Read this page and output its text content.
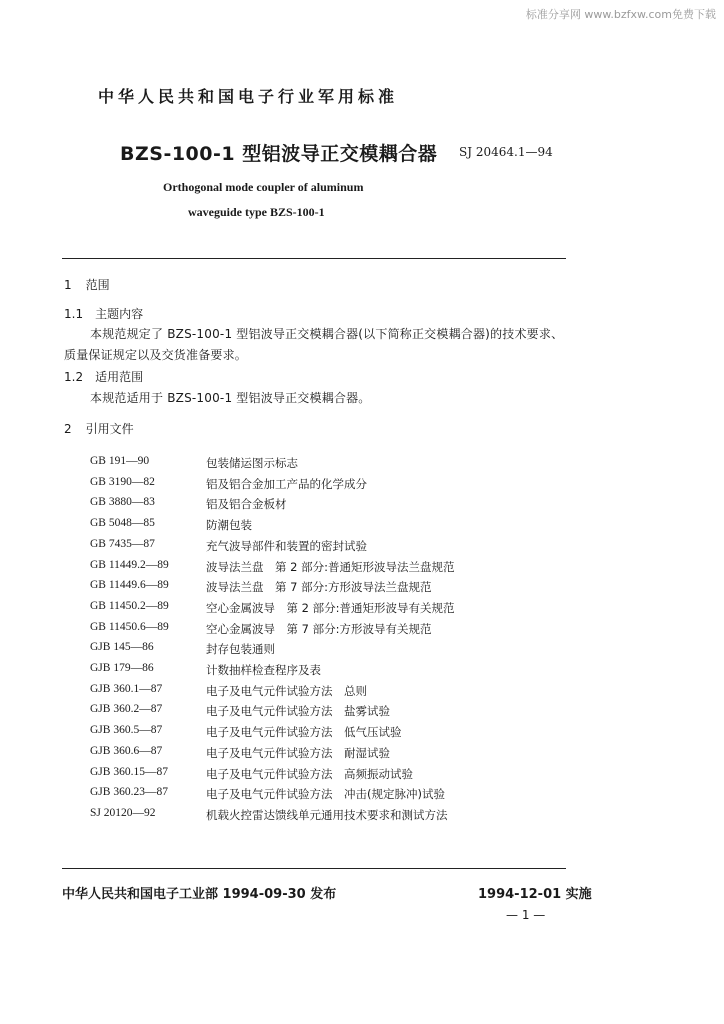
标准分享网 www.bzfxw.com免费下载
中华人民共和国电子行业军用标准
BZS-100-1 型铝波导正交模耦合器 SJ 20464.1—94
Orthogonal mode coupler of aluminum
waveguide type BZS-100-1
1 范围
1.1 主题内容
本规范规定了 BZS-100-1 型铝波导正交模耦合器(以下简称正交模耦合器)的技术要求、
质量保证规定以及交货准备要求。
1.2 适用范围
本规范适用于 BZS-100-1 型铝波导正交模耦合器。
2 引用文件
GB 191—90	包装储运图示标志
GB 3190—82	铝及铝合金加工产品的化学成分
GB 3880—83	铝及铝合金板材
GB 5048—85	防潮包装
GB 7435—87	充气波导部件和装置的密封试验
GB 11449.2—89	波导法兰盘　第 2 部分:普通矩形波导法兰盘规范
GB 11449.6—89	波导法兰盘　第 7 部分:方形波导法兰盘规范
GB 11450.2—89	空心金属波导　第 2 部分:普通矩形波导有关规范
GB 11450.6—89	空心金属波导　第 7 部分:方形波导有关规范
GJB 145—86	封存包装通则
GJB 179—86	计数抽样检查程序及表
GJB 360.1—87	电子及电气元件试验方法　总则
GJB 360.2—87	电子及电气元件试验方法　盐雾试验
GJB 360.5—87	电子及电气元件试验方法　低气压试验
GJB 360.6—87	电子及电气元件试验方法　耐湿试验
GJB 360.15—87	电子及电气元件试验方法　高频振动试验
GJB 360.23—87	电子及电气元件试验方法　冲击(规定脉冲)试验
SJ 20120—92	机载火控雷达馈线单元通用技术要求和测试方法
中华人民共和国电子工业部 1994-09-30 发布	1994-12-01 实施
— 1 —
